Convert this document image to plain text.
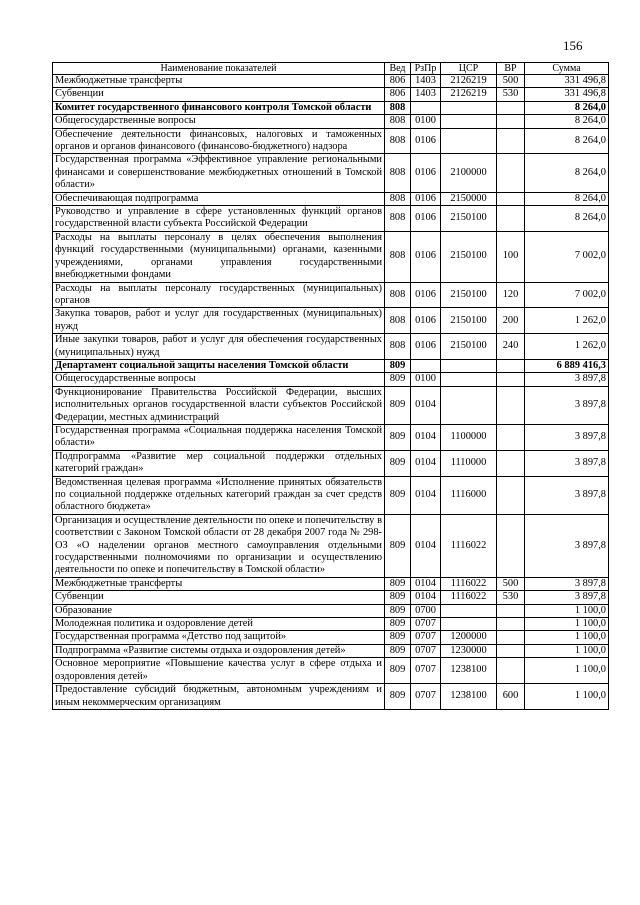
156
Наименование показателей	Вед	РзПр	ЦСР	ВР	Сумма
Межбюджетные трансферты	806	1403	2126219	500	331 496,8
Субвенции	806	1403	2126219	530	331 496,8
Комитет государственного финансового контроля Томской области	808				8 264,0
Общегосударственные вопросы	808	0100			8 264,0
Обеспечение деятельности финансовых, налоговых и таможенных органов и органов финансового (финансово-бюджетного) надзора	808	0106			8 264,0
Государственная программа «Эффективное управление региональными финансами и совершенствование межбюджетных отношений в Томской области»	808	0106	2100000		8 264,0
Обеспечивающая подпрограмма	808	0106	2150000		8 264,0
Руководство и управление в сфере установленных функций органов государственной власти субъекта Российской Федерации	808	0106	2150100		8 264,0
Расходы на выплаты персоналу в целях обеспечения выполнения функций государственными (муниципальными) органами, казенными учреждениями, органами управления государственными внебюджетными фондами	808	0106	2150100	100	7 002,0
Расходы на выплаты персоналу государственных (муниципальных) органов	808	0106	2150100	120	7 002,0
Закупка товаров, работ и услуг для государственных (муниципальных) нужд	808	0106	2150100	200	1 262,0
Иные закупки товаров, работ и услуг для обеспечения государственных (муниципальных) нужд	808	0106	2150100	240	1 262,0
Департамент социальной защиты населения Томской области	809				6 889 416,3
Общегосударственные вопросы	809	0100			3 897,8
Функционирование Правительства Российской Федерации, высших исполнительных органов государственной власти субъектов Российской Федерации, местных администраций	809	0104			3 897,8
Государственная программа «Социальная поддержка населения Томской области»	809	0104	1100000		3 897,8
Подпрограмма «Развитие мер социальной поддержки отдельных категорий граждан»	809	0104	1110000		3 897,8
Ведомственная целевая программа «Исполнение принятых обязательств по социальной поддержке отдельных категорий граждан за счет средств областного бюджета»	809	0104	1116000		3 897,8
Организация и осуществление деятельности по опеке и попечительству в соответствии с Законом Томской области от 28 декабря 2007 года № 298-ОЗ «О наделении органов местного самоуправления отдельными государственными полномочиями по организации и осуществлению деятельности по опеке и попечительству в Томской области»	809	0104	1116022		3 897,8
Межбюджетные трансферты	809	0104	1116022	500	3 897,8
Субвенции	809	0104	1116022	530	3 897,8
Образование	809	0700			1 100,0
Молодежная политика и оздоровление детей	809	0707			1 100,0
Государственная программа «Детство под защитой»	809	0707	1200000		1 100,0
Подпрограмма «Развитие системы отдыха и оздоровления детей»	809	0707	1230000		1 100,0
Основное мероприятие «Повышение качества услуг в сфере отдыха и оздоровления детей»	809	0707	1238100		1 100,0
Предоставление субсидий бюджетным, автономным учреждениям и иным некоммерческим организациям	809	0707	1238100	600	1 100,0
